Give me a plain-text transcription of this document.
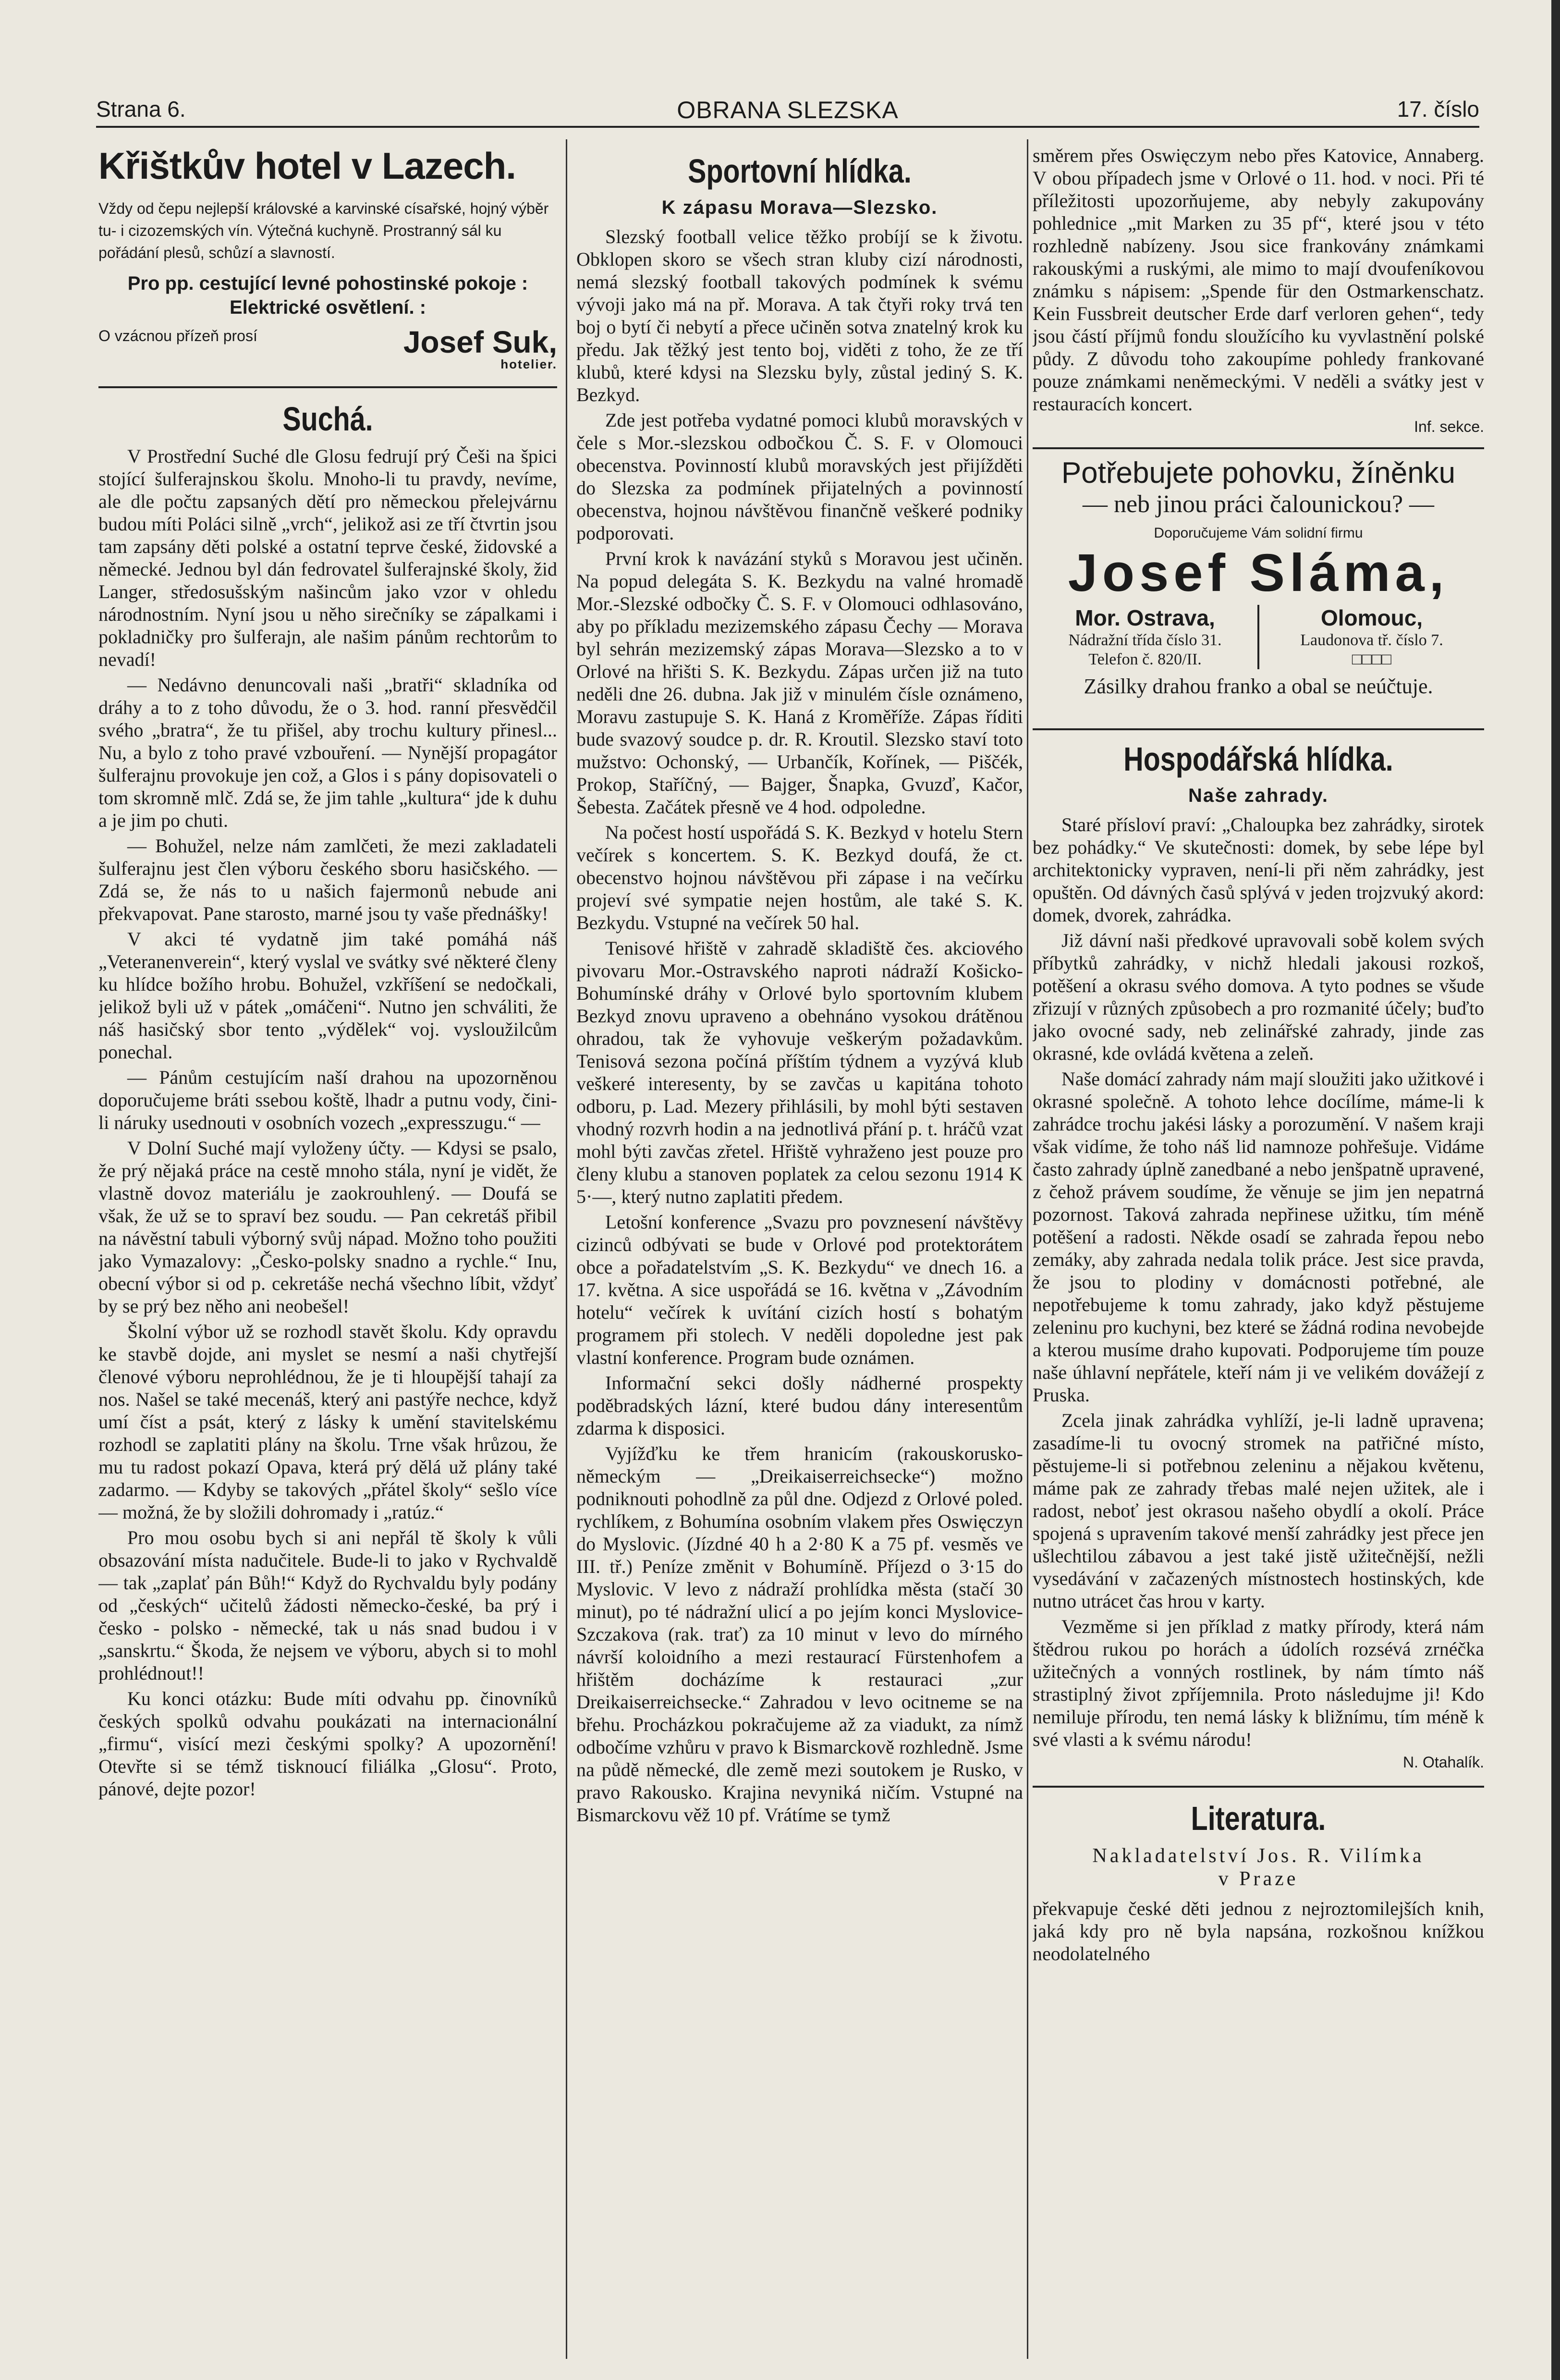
Strana 6.	OBRANA SLEZSKA	17. číslo
Křištkův hotel v Lazech.

Vždy od čepu nejlepší královské a karvinské císařské, hojný výběr tu- i cizozemských vín. Výtečná kuchyně. Prostranný sál ku pořádání plesů, schůzí a slavností.

Pro pp. cestující levné pohostinské pokoje : Elektrické osvětlení. :

O vzácnou přízeň prosí	Josef Suk,
hotelier.
Suchá.

V Prostřední Suché dle Glosu fedrují prý Češi na špici stojící šulferajnskou školu. Mnoho-li tu pravdy, nevíme, ale dle počtu zapsaných dětí pro německou přelejvárnu budou míti Poláci silně „vrch“, jelikož asi ze tří čtvrtin jsou tam zapsány děti polské a ostatní teprve české, židovské a německé. Jednou byl dán fedrovatel šulferajnské školy, žid Langer, středosušským našincům jako vzor v ohledu národnostním. Nyní jsou u něho sirečníky se zápalkami i pokladničky pro šulferajn, ale našim pánům rechtorům to nevadí!

— Nedávno denuncovali naši „bratři“ skladníka od dráhy a to z toho důvodu, že o 3. hod. ranní přesvědčil svého „bratra“, že tu přišel, aby trochu kultury přinesl... Nu, a bylo z toho pravé vzbouření. — Nynější propagátor šulferajnu provokuje jen což, a Glos i s pány dopisovateli o tom skromně mlč. Zdá se, že jim tahle „kultura“ jde k duhu a je jim po chuti.

— Bohužel, nelze nám zamlčeti, že mezi zakladateli šulferajnu jest člen výboru českého sboru hasičského. — Zdá se, že nás to u našich fajermonů nebude ani překvapovat. Pane starosto, marné jsou ty vaše přednášky!

V akci té vydatně jim také pomáhá náš „Veteranenverein“, který vyslal ve svátky své některé členy ku hlídce božího hrobu. Bohužel, vzkříšení se nedočkali, jelikož byli už v pátek „omáčeni“. Nutno jen schváliti, že náš hasičský sbor tento „výdělek“ voj. vysloužilcům ponechal.

— Pánům cestujícím naší drahou na upozorněnou doporučujeme bráti ssebou koště, lhadr a putnu vody, čini-li náruky usednouti v osobních vozech „expresszugu.“ —

V Dolní Suché mají vyloženy účty. — Kdysi se psalo, že prý nějaká práce na cestě mnoho stála, nyní je vidět, že vlastně dovoz materiálu je zaokrouhlený. — Doufá se však, že už se to spraví bez soudu. — Pan cekretáš přibil na návěstní tabuli výborný svůj nápad. Možno toho použiti jako Vymazalovy: „Česko-polsky snadno a rychle.“ Inu, obecní výbor si od p. cekretáše nechá všechno líbit, vždyť by se prý bez něho ani neobešel!

Školní výbor už se rozhodl stavět školu. Kdy opravdu ke stavbě dojde, ani myslet se nesmí a naši chytřejší členové výboru neprohlédnou, že je ti hloupější tahají za nos. Našel se také mecenáš, který ani pastýře nechce, když umí číst a psát, který z lásky k umění stavitelskému rozhodl se zaplatiti plány na školu. Trne však hrůzou, že mu tu radost pokazí Opava, která prý dělá už plány také zadarmo. — Kdyby se takových „přátel školy“ sešlo více — možná, že by složili dohromady i „ratúz.“

Pro mou osobu bych si ani nepřál tě školy k vůli obsazování místa nadučitele. Bude-li to jako v Rychvaldě — tak „zaplať pán Bůh!“ Když do Rychvaldu byly podány od „českých“ učitelů žádosti německo-české, ba prý i česko - polsko - německé, tak u nás snad budou i v „sanskrtu.“ Škoda, že nejsem ve výboru, abych si to mohl prohlédnout!!

Ku konci otázku: Bude míti odvahu pp. činovníků českých spolků odvahu poukázati na internacionální „firmu“, visící mezi českými spolky? A upozornění! Otevřte si se témž tisknoucí filiálka „Glosu“. Proto, pánové, dejte pozor!

Sportovní hlídka.
K zápasu Morava—Slezsko.

Slezský football velice těžko probíjí se k životu. Obklopen skoro se všech stran kluby cizí národnosti, nemá slezský football takových podmínek k svému vývoji jako má na př. Morava. A tak čtyři roky trvá ten boj o bytí či nebytí a přece učiněn sotva znatelný krok ku předu. Jak těžký jest tento boj, viděti z toho, že ze tří klubů, které kdysi na Slezsku byly, zůstal jediný S. K. Bezkyd.

Zde jest potřeba vydatné pomoci klubů moravských v čele s Mor.-slezskou odbočkou Č. S. F. v Olomouci obecenstva. Povinností klubů moravských jest přijížděti do Slezska za podmínek přijatelných a povinností obecenstva, hojnou návštěvou finančně veškeré podniky podporovati.

První krok k navázání styků s Moravou jest učiněn. Na popud delegáta S. K. Bezkydu na valné hromadě Mor.-Slezské odbočky Č. S. F. v Olomouci odhlasováno, aby po příkladu mezizemského zápasu Čechy — Morava byl sehrán mezizemský zápas Morava—Slezsko a to v Orlové na hřišti S. K. Bezkydu. Zápas určen již na tuto neděli dne 26. dubna. Jak již v minulém čísle oznámeno, Moravu zastupuje S. K. Haná z Kroměříže. Zápas říditi bude svazový soudce p. dr. R. Kroutil. Slezsko staví toto mužstvo: Ochonský, — Urbančík, Kořínek, — Piščék, Prokop, Staříčný, — Bajger, Šnapka, Gvuzď, Kačor, Šebesta. Začátek přesně ve 4 hod. odpoledne.

Na počest hostí uspořádá S. K. Bezkyd v hotelu Stern večírek s koncertem. S. K. Bezkyd doufá, že ct. obecenstvo hojnou návštěvou při zápase i na večírku projeví své sympatie nejen hostům, ale také S. K. Bezkydu. Vstupné na večírek 50 hal.

Tenisové hřiště v zahradě skladiště čes. akciového pivovaru Mor.-Ostravského naproti nádraží Košicko-Bohumínské dráhy v Orlové bylo sportovním klubem Bezkyd znovu upraveno a obehnáno vysokou drátěnou ohradou, tak že vyhovuje veškerým požadavkům. Tenisová sezona počíná příštím týdnem a vyzývá klub veškeré interesenty, by se zavčas u kapitána tohoto odboru, p. Lad. Mezery přihlásili, by mohl býti sestaven vhodný rozvrh hodin a na jednotlivá přání p. t. hráčů vzat mohl býti zavčas zřetel. Hřiště vyhraženo jest pouze pro členy klubu a stanoven poplatek za celou sezonu 1914 K 5·—, který nutno zaplatiti předem.

Letošní konference „Svazu pro povznesení návštěvy cizinců odbývati se bude v Orlové pod protektorátem obce a pořadatelstvím „S. K. Bezkydu“ ve dnech 16. a 17. května. A sice uspořádá se 16. května v „Závodním hotelu“ večírek k uvítání cizích hostí s bohatým programem při stolech. V neděli dopoledne jest pak vlastní konference. Program bude oznámen.

Informační sekci došly nádherné prospekty poděbradských lázní, které budou dány interesentům zdarma k disposici.

Vyjížďku ke třem hranicím (rakouskorusko-německým — „Dreikaiserreichsecke“) možno podniknouti pohodlně za půl dne. Odjezd z Orlové poled. rychlíkem, z Bohumína osobním vlakem přes Oswięczyn do Myslovic. (Jízdné 40 h a 2·80 K a 75 pf. vesměs ve III. tř.) Peníze změnit v Bohumíně. Příjezd o 3·15 do Myslovic. V levo z nádraží prohlídka města (stačí 30 minut), po té nádražní ulicí a po jejím konci Myslovice-Szczakova (rak. trať) za 10 minut v levo do mírného návrší koloidního a mezi restaurací Fürstenhofem a hřištěm docházíme k restauraci „zur Dreikaiserreichsecke.“ Zahradou v levo ocitneme se na břehu. Procházkou pokračujeme až za viadukt, za nímž odbočíme vzhůru v pravo k Bismarckově rozhledně. Jsme na půdě německé, dle země mezi soutokem je Rusko, v pravo Rakousko. Krajina nevyniká ničím. Vstupné na Bismarckovu věž 10 pf. Vrátíme se tymž

směrem přes Oswięczym nebo přes Katovice, Annaberg. V obou případech jsme v Orlové o 11. hod. v noci. Při té příležitosti upozorňujeme, aby nebyly zakupovány pohlednice „mit Marken zu 35 pf“, které jsou v této rozhledně nabízeny. Jsou sice frankovány známkami rakouskými a ruskými, ale mimo to mají dvoufeníkovou známku s nápisem: „Spende für den Ostmarkenschatz. Kein Fussbreit deutscher Erde darf verloren gehen“, tedy jsou částí příjmů fondu sloužícího ku vyvlastnění polské půdy. Z důvodu toho zakoupíme pohledy frankované pouze známkami neněmeckými. V neděli a svátky jest v restauracích koncert.

Inf. sekce.

Potřebujete pohovku, žíněnku

— neb jinou práci čalounickou? —

Doporučujeme Vám solidní firmu

Josef Sláma,

Mor. Ostrava,

Nádražní třída číslo 31.

Telefon č. 820/II.

Olomouc,

Laudonova tř. číslo 7.

□□□□

Zásilky drahou franko a obal se neúčtuje.

Hospodářská hlídka.
Naše zahrady.

Staré přísloví praví: „Chaloupka bez zahrádky, sirotek bez pohádky.“ Ve skutečnosti: domek, by sebe lépe byl architektonicky vypraven, není-li při něm zahrádky, jest opuštěn. Od dávných časů splývá v jeden trojzvuký akord: domek, dvorek, zahrádka.

Již dávní naši předkové upravovali sobě kolem svých příbytků zahrádky, v nichž hledali jakousi rozkoš, potěšení a okrasu svého domova. A tyto podnes se všude zřizují v různých způsobech a pro rozmanité účely; buďto jako ovocné sady, neb zelinářské zahrady, jinde zas okrasné, kde ovládá květena a zeleň.

Naše domácí zahrady nám mají sloužiti jako užitkové i okrasné společně. A tohoto lehce docílíme, máme-li k zahrádce trochu jakési lásky a porozumění. V našem kraji však vidíme, že toho náš lid namnoze pohřešuje. Vidáme často zahrady úplně zanedbané a nebo jenšpatně upravené, z čehož právem soudíme, že věnuje se jim jen nepatrná pozornost. Taková zahrada nepřinese užitku, tím méně potěšení a radosti. Někde osadí se zahrada řepou nebo zemáky, aby zahrada nedala tolik práce. Jest sice pravda, že jsou to plodiny v domácnosti potřebné, ale nepotřebujeme k tomu zahrady, jako když pěstujeme zeleninu pro kuchyni, bez které se žádná rodina nevobejde a kterou musíme draho kupovati. Podporujeme tím pouze naše úhlavní nepřátele, kteří nám ji ve velikém dovážejí z Pruska.

Zcela jinak zahrádka vyhlíží, je-li ladně upravena; zasadíme-li tu ovocný stromek na patřičné místo, pěstujeme-li si potřebnou zeleninu a nějakou květenu, máme pak ze zahrady třebas malé nejen užitek, ale i radost, neboť jest okrasou našeho obydlí a okolí. Práce spojená s upravením takové menší zahrádky jest přece jen ušlechtilou zábavou a jest také jistě užitečnější, nežli vysedávání v začazených místnostech hostinských, kde nutno utrácet čas hrou v karty.

Vezměme si jen příklad z matky přírody, která nám štědrou rukou po horách a údolích rozsévá zrnéčka užitečných a vonných rostlinek, by nám tímto náš strastiplný život zpříjemnila. Proto následujme ji! Kdo nemiluje přírodu, ten nemá lásky k bližnímu, tím méně k své vlasti a k svému národu!

N. Otahalík.

Literatura.

Nakladatelství Jos. R. Vilímka

v Praze

překvapuje české děti jednou z nejroztomilejších knih, jaká kdy pro ně byla napsána, rozkošnou knížkou neodolatelného
